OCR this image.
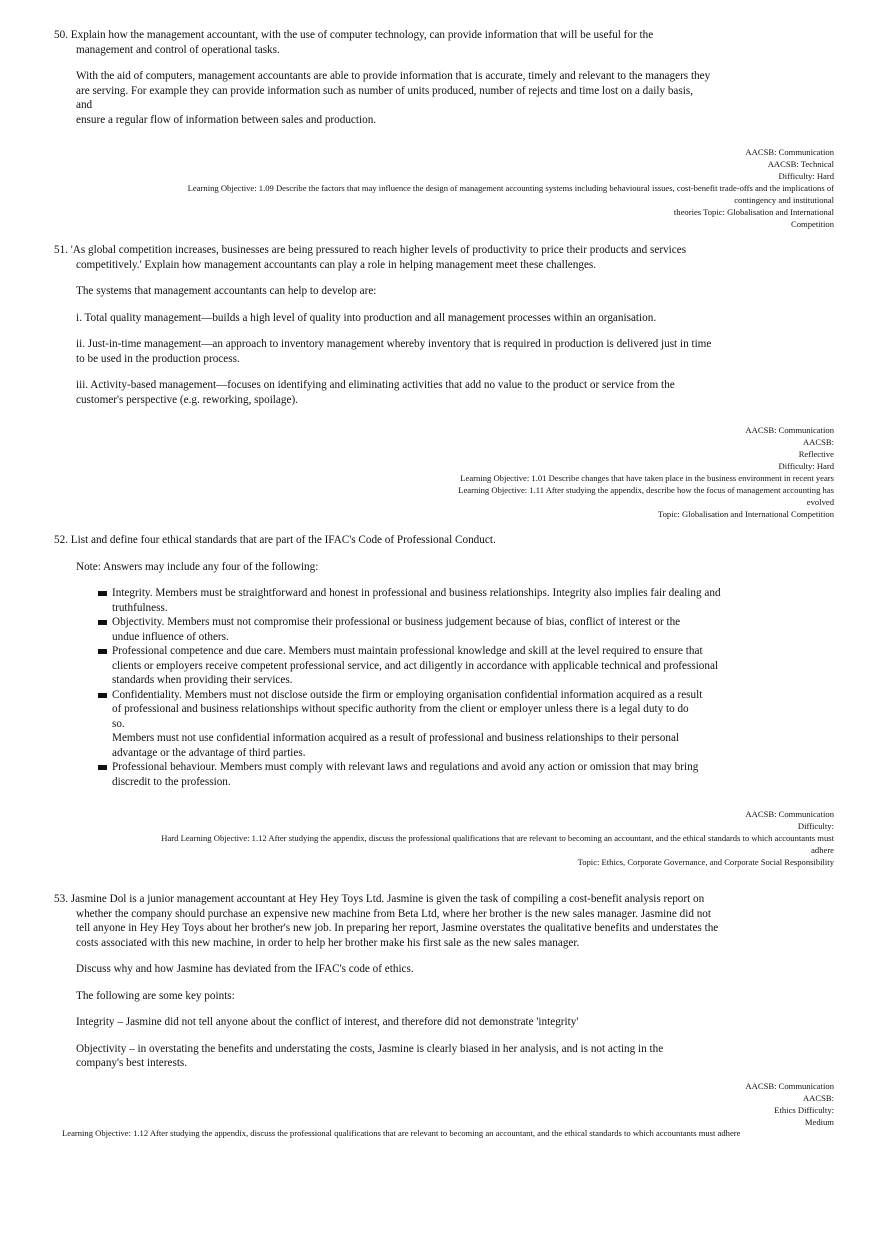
50. Explain how the management accountant, with the use of computer technology, can provide information that will be useful for the

management and control of operational tasks.

With the aid of computers, management accountants are able to provide information that is accurate, timely and relevant to the managers they

are serving. For example they can provide information such as number of units produced, number of rejects and time lost on a daily basis,

and

ensure a regular flow of information between sales and production.

AACSB: Communication
AACSB: Technical
Difficulty: Hard
Learning Objective: 1.09 Describe the factors that may influence the design of management accounting systems including behavioural issues, cost-benefit trade-offs and the implications of
contingency and institutional
theories Topic: Globalisation and International
Competition

51. 'As global competition increases, businesses are being pressured to reach higher levels of productivity to price their products and services

competitively.' Explain how management accountants can play a role in helping management meet these challenges.

The systems that management accountants can help to develop are:

i. Total quality management—builds a high level of quality into production and all management processes within an organisation.

ii. Just-in-time management—an approach to inventory management whereby inventory that is required in production is delivered just in time

to be used in the production process.

iii. Activity-based management—focuses on identifying and eliminating activities that add no value to the product or service from the

customer's perspective (e.g. reworking, spoilage).

AACSB: Communication
AACSB:
Reflective
Difficulty: Hard
Learning Objective: 1.01 Describe changes that have taken place in the business environment in recent years
Learning Objective: 1.11 After studying the appendix, describe how the focus of management accounting has
evolved
Topic: Globalisation and International Competition

52. List and define four ethical standards that are part of the IFAC's Code of Professional Conduct.

Note: Answers may include any four of the following:

Integrity. Members must be straightforward and honest in professional and business relationships. Integrity also implies fair dealing and

truthfulness.

Objectivity. Members must not compromise their professional or business judgement because of bias, conflict of interest or the

undue influence of others.

Professional competence and due care. Members must maintain professional knowledge and skill at the level required to ensure that

clients or employers receive competent professional service, and act diligently in accordance with applicable technical and professional

standards when providing their services.

Confidentiality. Members must not disclose outside the firm or employing organisation confidential information acquired as a result

of professional and business relationships without specific authority from the client or employer unless there is a legal duty to do

so.

Members must not use confidential information acquired as a result of professional and business relationships to their personal

advantage or the advantage of third parties.

Professional behaviour. Members must comply with relevant laws and regulations and avoid any action or omission that may bring

discredit to the profession.

AACSB: Communication
Difficulty:
Hard Learning Objective: 1.12 After studying the appendix, discuss the professional qualifications that are relevant to becoming an accountant, and the ethical standards to which accountants must
adhere
Topic: Ethics, Corporate Governance, and Corporate Social Responsibility

53. Jasmine Dol is a junior management accountant at Hey Hey Toys Ltd. Jasmine is given the task of compiling a cost-benefit analysis report on

whether the company should purchase an expensive new machine from Beta Ltd, where her brother is the new sales manager. Jasmine did not

tell anyone in Hey Hey Toys about her brother's new job. In preparing her report, Jasmine overstates the qualitative benefits and understates the

costs associated with this new machine, in order to help her brother make his first sale as the new sales manager.

Discuss why and how Jasmine has deviated from the IFAC's code of ethics.

The following are some key points:

Integrity – Jasmine did not tell anyone about the conflict of interest, and therefore did not demonstrate 'integrity'

Objectivity – in overstating the benefits and understating the costs, Jasmine is clearly biased in her analysis, and is not acting in the

company's best interests.

AACSB: Communication
AACSB:
Ethics Difficulty:
Medium
Learning Objective: 1.12 After studying the appendix, discuss the professional qualifications that are relevant to becoming an accountant, and the ethical standards to which accountants must adhere
